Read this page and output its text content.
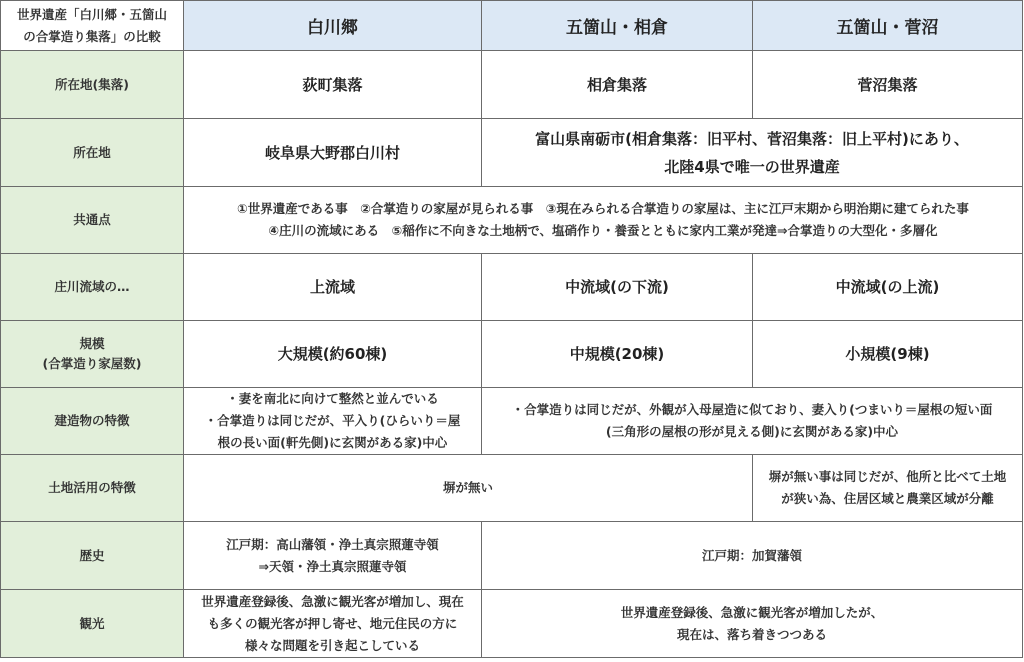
世界遺産「白川郷・五箇山
の合掌造り集落」の比較	白川郷	五箇山・相倉	五箇山・菅沼
所在地(集落)	荻町集落	相倉集落	菅沼集落
所在地	岐阜県大野郡白川村	富山県南砺市(相倉集落：旧平村、菅沼集落：旧上平村)にあり、
北陸4県で唯一の世界遺産	

共通点	①世界遺産である事　②合掌造りの家屋が見られる事　③現在みられる合掌造りの家屋は、主に江戸末期から明治期に建てられた事
④庄川の流域にある　⑤稲作に不向きな土地柄で、塩硝作り・養蚕とともに家内工業が発達⇒合掌造りの大型化・多層化		

庄川流域の…	上流域	中流域(の下流)	中流域(の上流)

規模
(合掌造り家屋数)	大規模(約60棟)	中規模(20棟)	小規模(9棟)
建造物の特徴	・妻を南北に向けて整然と並んでいる
・合掌造りは同じだが、平入り(ひらいり＝屋
根の長い面(軒先側)に玄関がある家)中心	・合掌造りは同じだが、外観が入母屋造に似ており、妻入り(つまいり＝屋根の短い面
(三角形の屋根の形が見える側)に玄関がある家)中心	

土地活用の特徴	塀が無い		塀が無い事は同じだが、他所と比べて土地
が狭い為、住居区域と農業区域が分離

歴史	江戸期：高山藩領・浄土真宗照蓮寺領
⇒天領・浄土真宗照蓮寺領	江戸期：加賀藩領	
観光	世界遺産登録後、急激に観光客が増加し、現在
も多くの観光客が押し寄せ、地元住民の方に
様々な問題を引き起こしている	世界遺産登録後、急激に観光客が増加したが、
現在は、落ち着きつつある	
